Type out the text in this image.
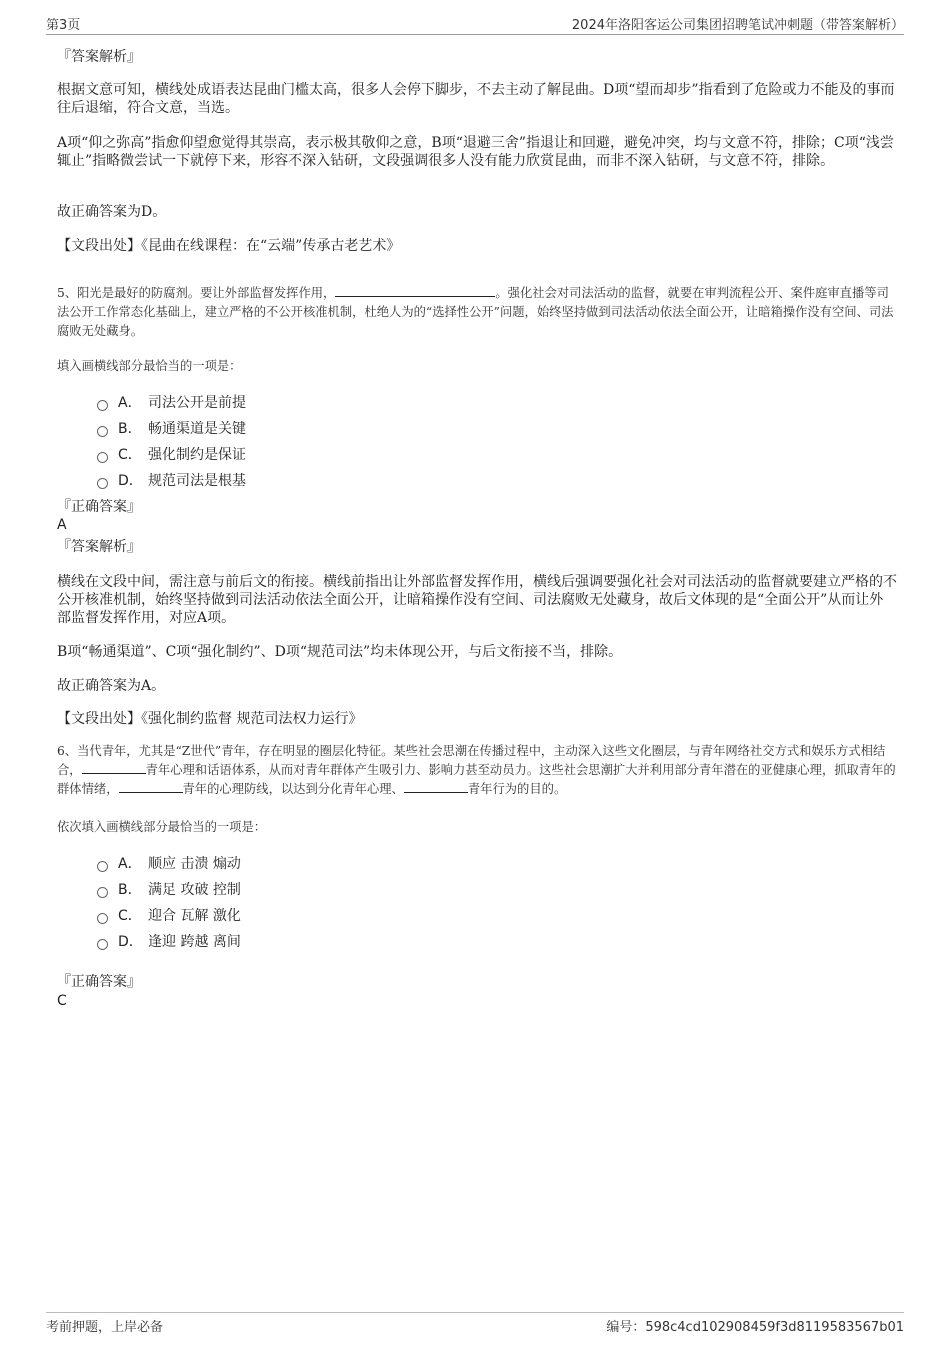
第3页	2024年洛阳客运公司集团招聘笔试冲刺题（带答案解析）
『答案解析』

根据文意可知，横线处成语表达昆曲门槛太高，很多人会停下脚步，不去主动了解昆曲。D项“望而却步”指看到了危险或力不能及的事而往后退缩，符合文意，当选。

A项“仰之弥高”指愈仰望愈觉得其崇高，表示极其敬仰之意，B项“退避三舍”指退让和回避，避免冲突，均与文意不符，排除；C项“浅尝辄止”指略微尝试一下就停下来，形容不深入钻研，文段强调很多人没有能力欣赏昆曲，而非不深入钻研，与文意不符，排除。

故正确答案为D。

【文段出处】《昆曲在线课程：在“云端”传承古老艺术》

5、阳光是最好的防腐剂。要让外部监督发挥作用，	。强化社会对司法活动的监督，就要在审判流程公开、案件庭审直播等司法公开工作常态化基础上，建立严格的不公开核准机制，杜绝人为的“选择性公开”问题，始终坚持做到司法活动依法全面公开，让暗箱操作没有空间、司法腐败无处藏身。

填入画横线部分最恰当的一项是：
A． 司法公开是前提
B． 畅通渠道是关键
C． 强化制约是保证
D． 规范司法是根基
『正确答案』
A
『答案解析』

横线在文段中间，需注意与前后文的衔接。横线前指出让外部监督发挥作用，横线后强调要强化社会对司法活动的监督就要建立严格的不公开核准机制，始终坚持做到司法活动依法全面公开，让暗箱操作没有空间、司法腐败无处藏身，故后文体现的是“全面公开”从而让外部监督发挥作用，对应A项。

B项“畅通渠道”、C项“强化制约”、D项“规范司法”均未体现公开，与后文衔接不当，排除。

故正确答案为A。

【文段出处】《强化制约监督 规范司法权力运行》

6、当代青年，尤其是“Z世代”青年，存在明显的圈层化特征。某些社会思潮在传播过程中，主动深入这些文化圈层，与青年网络社交方式和娱乐方式相结合，	青年心理和话语体系，从而对青年群体产生吸引力、影响力甚至动员力。这些社会思潮扩大并利用部分青年潜在的亚健康心理，抓取青年的群体情绪，	青年的心理防线，以达到分化青年心理、	青年行为的目的。

依次填入画横线部分最恰当的一项是：
A． 顺应 击溃 煽动
B． 满足 攻破 控制
C． 迎合 瓦解 激化
D． 逢迎 跨越 离间
『正确答案』
C
考前押题，上岸必备	编号：598c4cd102908459f3d8119583567b01
